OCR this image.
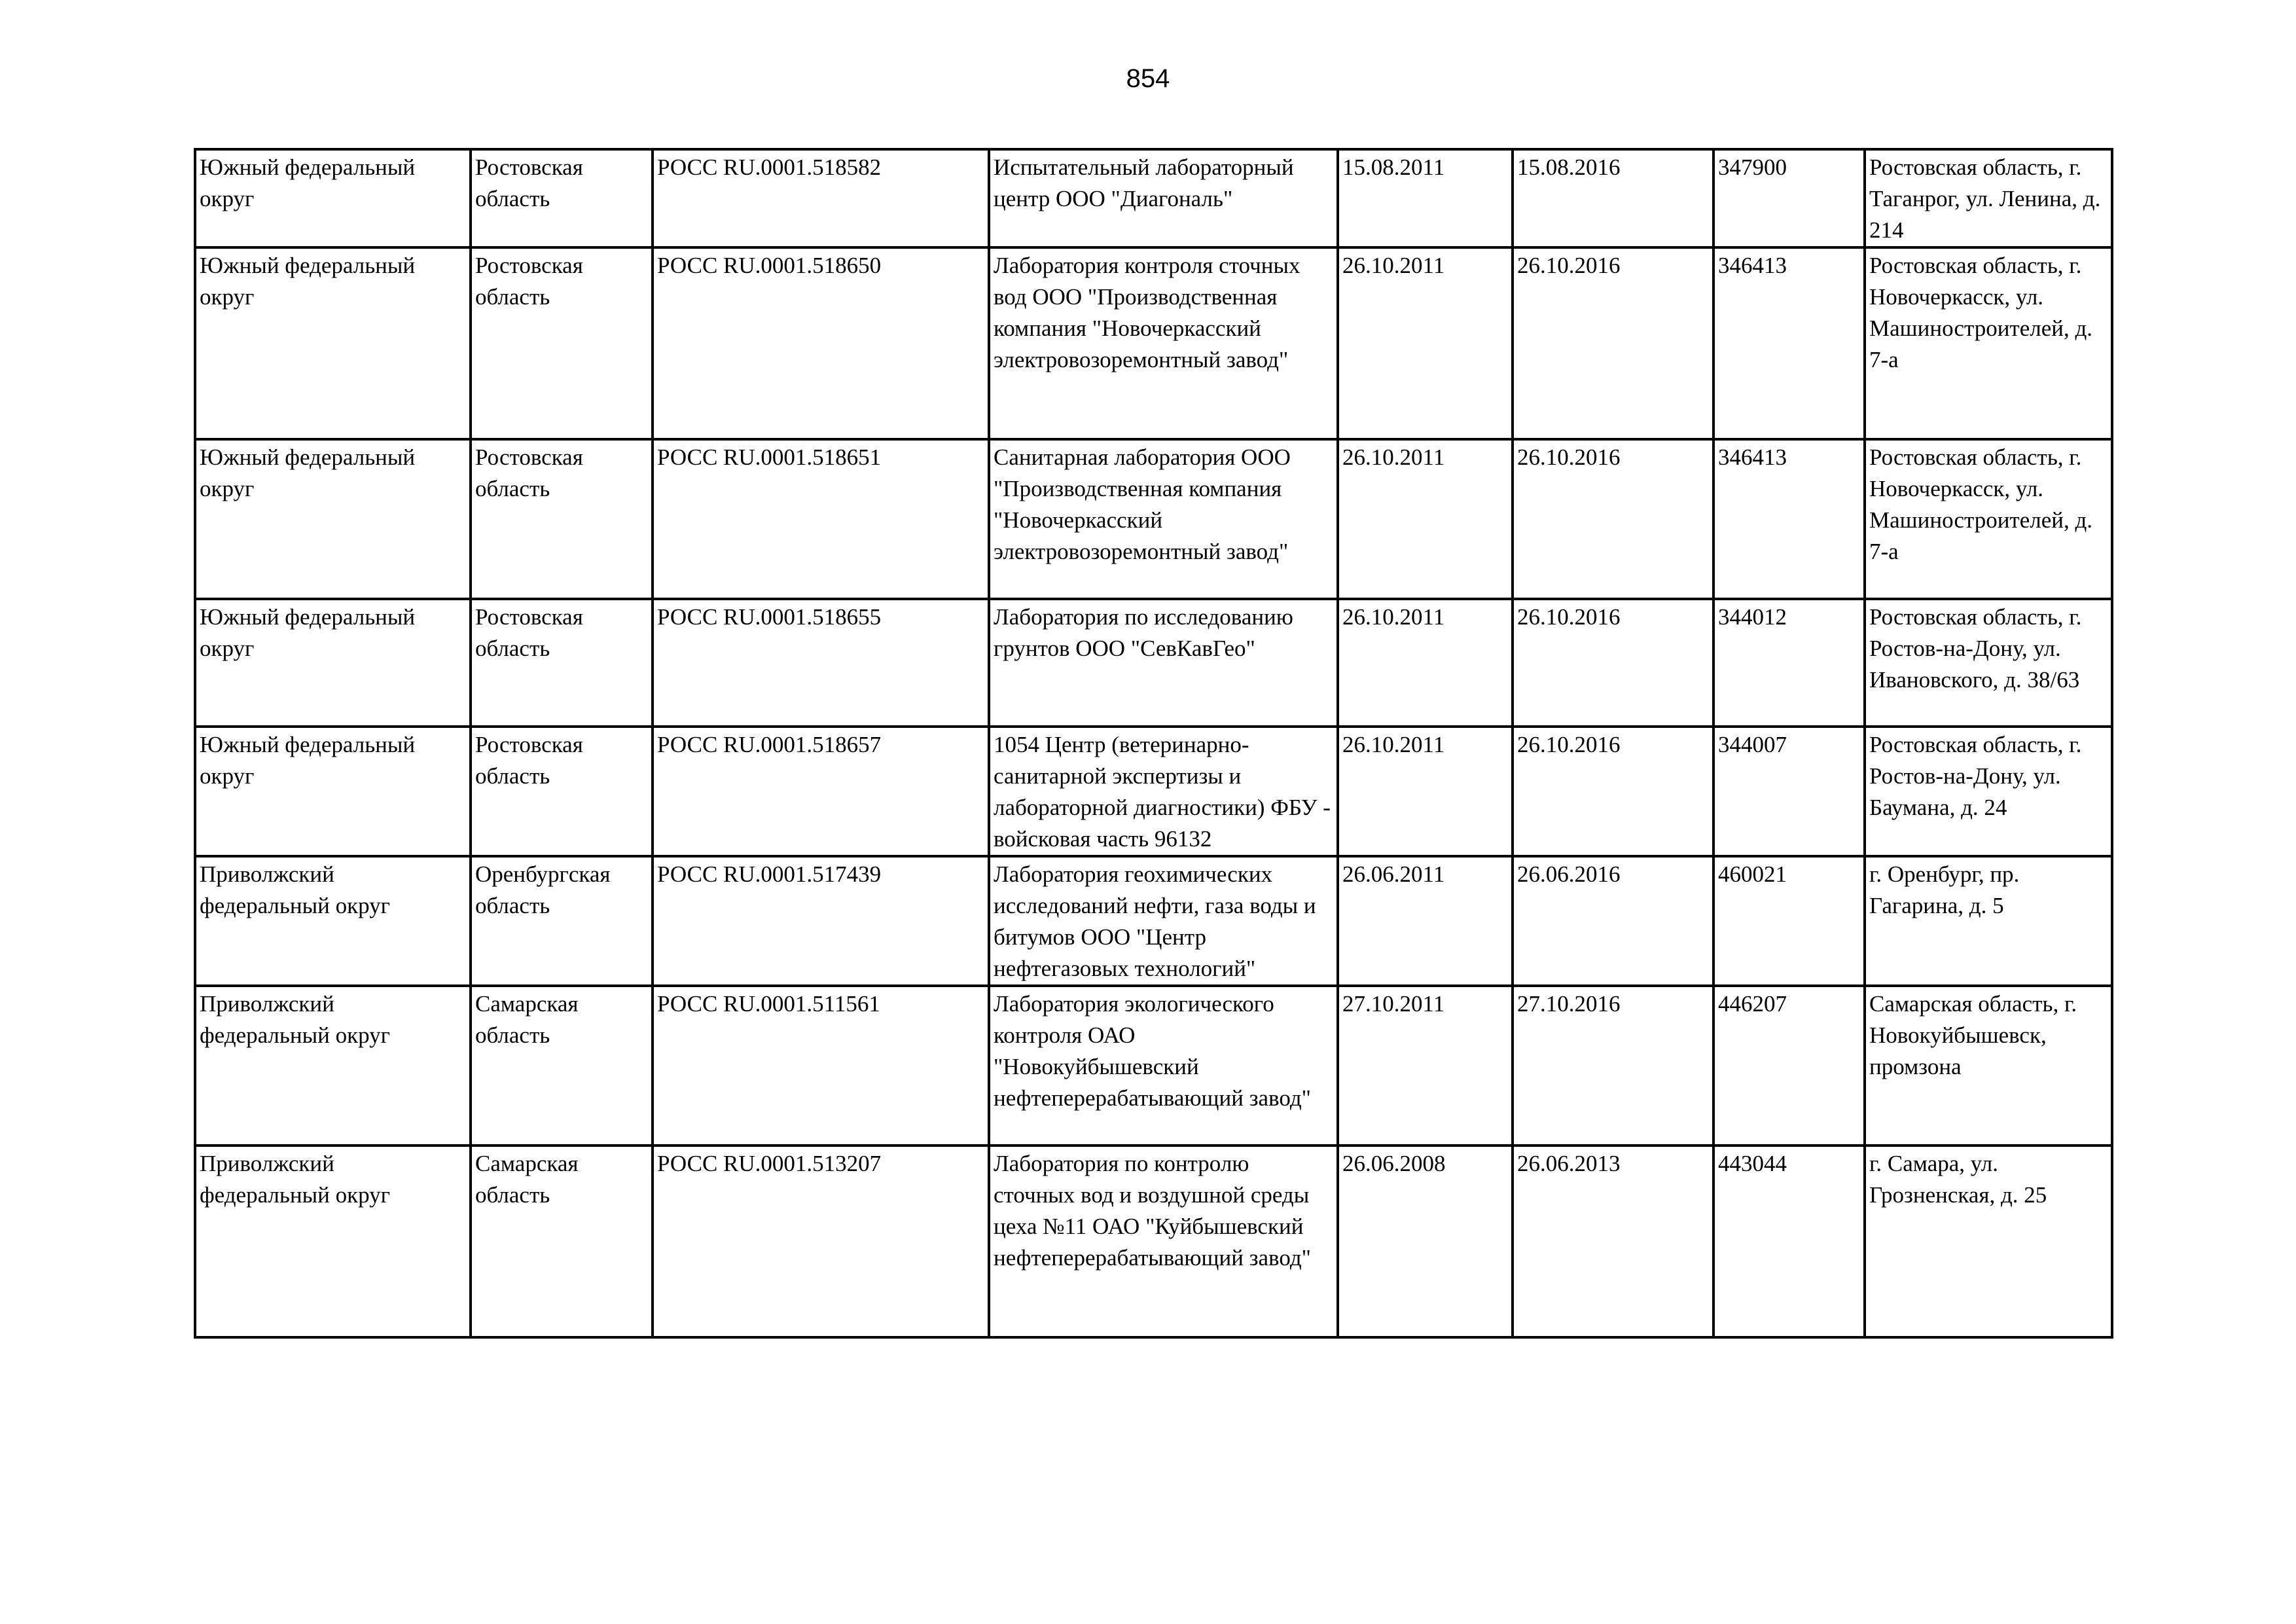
854
Южный федеральный округ	Ростовская область	РОСС RU.0001.518582	Испытательный лабораторный центр ООО "Диагональ"	15.08.2011	15.08.2016	347900	Ростовская область, г. Таганрог, ул. Ленина, д. 214
Южный федеральный округ	Ростовская область	РОСС RU.0001.518650	Лаборатория контроля сточных вод ООО "Производственная компания "Новочеркасский электровозоремонтный завод"	26.10.2011	26.10.2016	346413	Ростовская область, г. Новочеркасск, ул. Машиностроителей, д. 7-а
Южный федеральный округ	Ростовская область	РОСС RU.0001.518651	Санитарная лаборатория ООО "Производственная компания "Новочеркасский электровозоремонтный завод"	26.10.2011	26.10.2016	346413	Ростовская область, г. Новочеркасск, ул. Машиностроителей, д. 7-а
Южный федеральный округ	Ростовская область	РОСС RU.0001.518655	Лаборатория по исследованию грунтов ООО "СевКавГео"	26.10.2011	26.10.2016	344012	Ростовская область, г. Ростов-на-Дону, ул. Ивановского, д. 38/63
Южный федеральный округ	Ростовская область	РОСС RU.0001.518657	1054 Центр (ветеринарно-санитарной экспертизы и лабораторной диагностики) ФБУ - войсковая часть 96132	26.10.2011	26.10.2016	344007	Ростовская область, г. Ростов-на-Дону, ул. Баумана, д. 24
Приволжский федеральный округ	Оренбургская область	РОСС RU.0001.517439	Лаборатория геохимических исследований нефти, газа воды и битумов ООО "Центр нефтегазовых технологий"	26.06.2011	26.06.2016	460021	г. Оренбург, пр. Гагарина, д. 5
Приволжский федеральный округ	Самарская область	РОСС RU.0001.511561	Лаборатория экологического контроля ОАО "Новокуйбышевский нефтеперерабатывающий завод"	27.10.2011	27.10.2016	446207	Самарская область, г. Новокуйбышевск, промзона
Приволжский федеральный округ	Самарская область	РОСС RU.0001.513207	Лаборатория по контролю сточных вод и воздушной среды цеха №11 ОАО "Куйбышевский нефтеперерабатывающий завод"	26.06.2008	26.06.2013	443044	г. Самара, ул. Грозненская, д. 25
